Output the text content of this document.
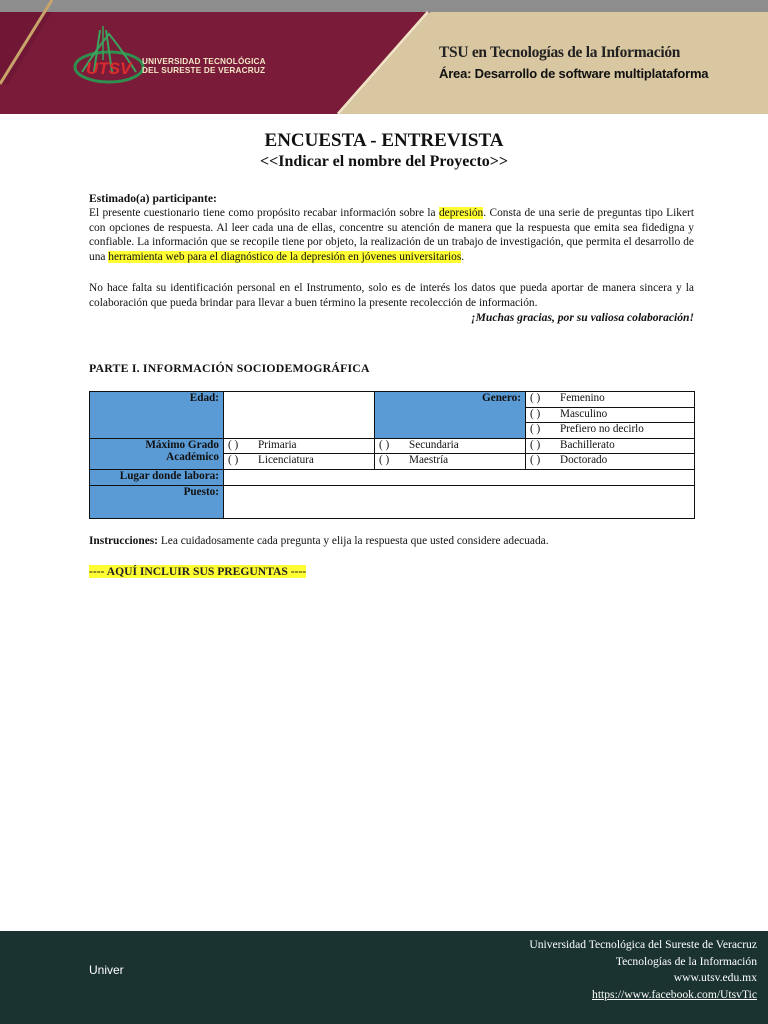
UTSV UNIVERSIDAD TECNOLÓGICA
DEL SURESTE DE VERACRUZ
TSU en Tecnologías de la Información
Área: Desarrollo de software multiplataforma
ENCUESTA - ENTREVISTA
<<Indicar el nombre del Proyecto>>
Estimado(a) participante:
El presente cuestionario tiene como propósito recabar información sobre la depresión. Consta de una serie de preguntas tipo Likert con opciones de respuesta. Al leer cada una de ellas, concentre su atención de manera que la respuesta que emita sea fidedigna y confiable. La información que se recopile tiene por objeto, la realización de un trabajo de investigación, que permita el desarrollo de una herramienta web para el diagnóstico de la depresión en jóvenes universitarios.
No hace falta su identificación personal en el Instrumento, solo es de interés los datos que pueda aportar de manera sincera y la colaboración que pueda brindar para llevar a buen término la presente recolección de información.
¡Muchas gracias, por su valiosa colaboración!
PARTE I. INFORMACIÓN SOCIODEMOGRÁFICA
Edad:		Genero:	( ) Femenino
			( ) Masculino
			( ) Prefiero no decirlo

Máximo Grado
Académico	( ) Primaria	( ) Secundaria	( ) Bachillerato
	( ) Licenciatura	( ) Maestría	( ) Doctorado
Lugar donde labora:			
Puesto:			
Instrucciones: Lea cuidadosamente cada pregunta y elija la respuesta que usted considere adecuada.
---- AQUÍ INCLUIR SUS PREGUNTAS ----
Univer
Universidad Tecnológica del Sureste de Veracruz
Tecnologías de la Información
www.utsv.edu.mx
https://www.facebook.com/UtsvTic
